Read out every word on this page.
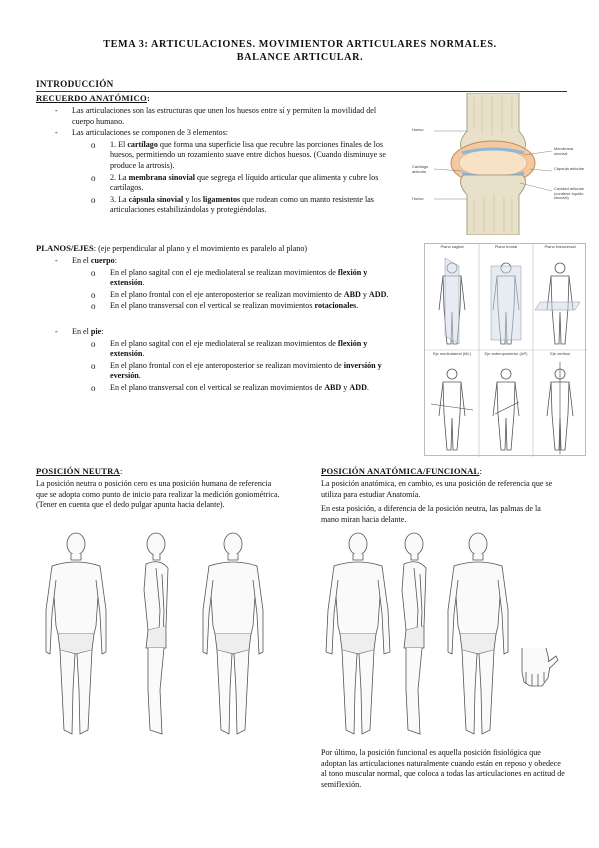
TEMA 3: ARTICULACIONES. MOVIMIENTOR ARTICULARES NORMALES.
BALANCE ARTICULAR.
INTRODUCCIÓN
RECUERDO ANATÓMICO:
- Las articulaciones son las estructuras que unen los huesos entre sí y permiten la movilidad del cuerpo humano.
- Las articulaciones se componen de 3 elementos:
o 1. El cartílago que forma una superficie lisa que recubre las porciones finales de los huesos, permitiendo un rozamiento suave entre dichos huesos. (Cuando disminuye se produce la artrosis).
o 2. La membrana sinovial que segrega el líquido articular que alimenta y cubre los cartílagos.
o 3. La cápsula sinovial y los ligamentos que rodean como un manto resistente las articulaciones estabilizándolas y protegiéndolas.
Hueso
Cartílago articular
Hueso
Membrana sinovial
Cápsula articular
Cavidad articular (contiene líquido sinovial)
PLANOS/EJES: (eje perpendicular al plano y el movimiento es paralelo al plano)
- En el cuerpo:
o En el plano sagital con el eje mediolateral se realizan movimientos de flexión y extensión.
o En el plano frontal con el eje anteroposterior se realizan movimiento de ABD y ADD.
o En el plano transversal con el vertical se realizan movimientos rotacionales.
- En el pie:
o En el plano sagital con el eje mediolateral se realizan movimientos de flexión y extensión.
o En el plano frontal con el eje anteroposterior se realizan movimiento de inversión y eversión.
o En el plano transversal con el vertical se realizan movimientos de ABD y ADD.
Plano sagital	Plano frontal	Plano transversal
Eje mediolateral (ML)	Eje anteroposterior (AP)	Eje vertical
POSICIÓN NEUTRA:
La posición neutra o posición cero es una posición humana de referencia que se adopta como punto de inicio para realizar la medición goniométrica. (Tener en cuenta que el dedo pulgar apunta hacia delante).
POSICIÓN ANATÓMICA/FUNCIONAL:
La posición anatómica, en cambio, es una posición de referencia que se utiliza para estudiar Anatomía.
En esta posición, a diferencia de la posición neutra, las palmas de la mano miran hacia delante.
Por último, la posición funcional es aquella posición fisiológica que adoptan las articulaciones naturalmente cuando están en reposo y obedece al tono muscular normal, que coloca a todas las articulaciones en actitud de semiflexión.
